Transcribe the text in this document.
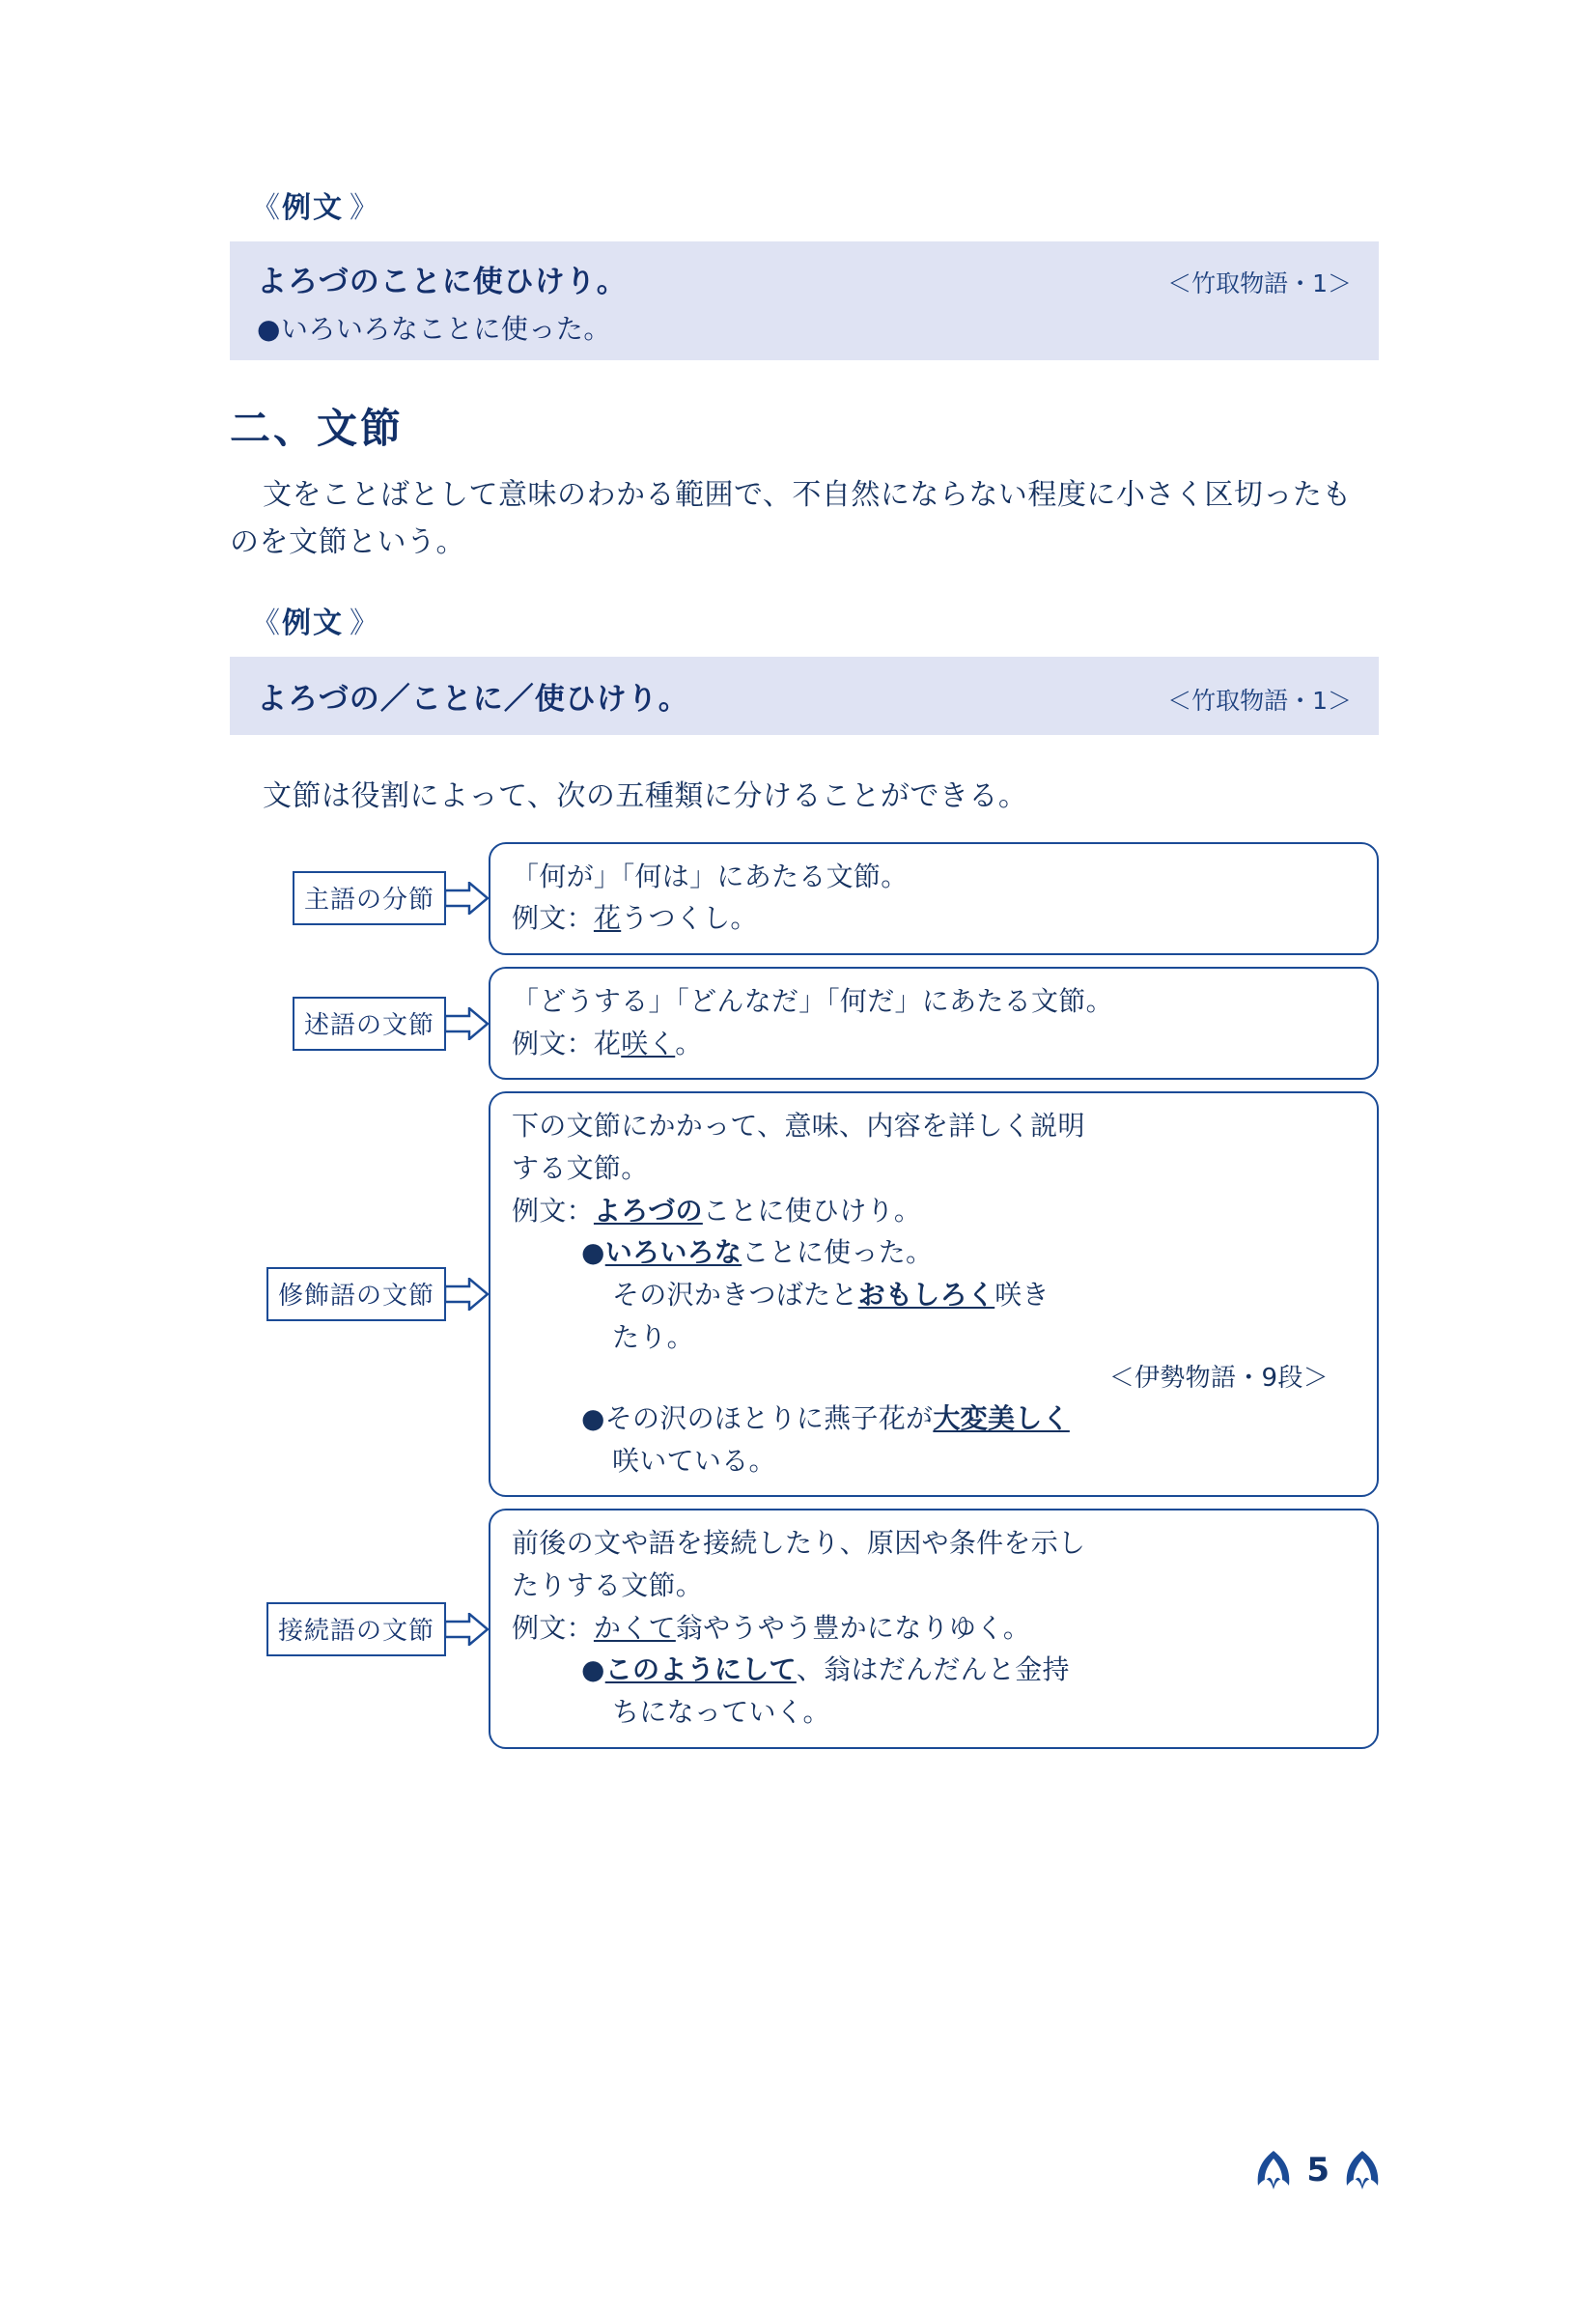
《 例文 》
よろづのことに使ひけり。	＜竹取物語・1＞
●いろいろなことに使った。
二、文節

文をことばとして意味のわかる範囲で、不自然にならない程度に小さく区切ったものを文節という。

《 例文 》
よろづの／ことに／使ひけり。	＜竹取物語・1＞

文節は役割によって、次の五種類に分けることができる。

主語の分節
「何が」「何は」にあたる文節。
例文：花うつくし。
述語の文節
「どうする」「どんなだ」「何だ」にあたる文節。
例文：花咲く。
修飾語の文節
下の文節にかかって、意味、内容を詳しく説明
する文節。
例文：よろづのことに使ひけり。
●いろいろなことに使った。
その沢かきつばたとおもしろく咲き
たり。
＜伊勢物語・9段＞
●その沢のほとりに燕子花が大変美しく
咲いている。
接続語の文節
前後の文や語を接続したり、原因や条件を示し
たりする文節。
例文：かくて翁やうやう豊かになりゆく。
●このようにして、翁はだんだんと金持
ちになっていく。
5
